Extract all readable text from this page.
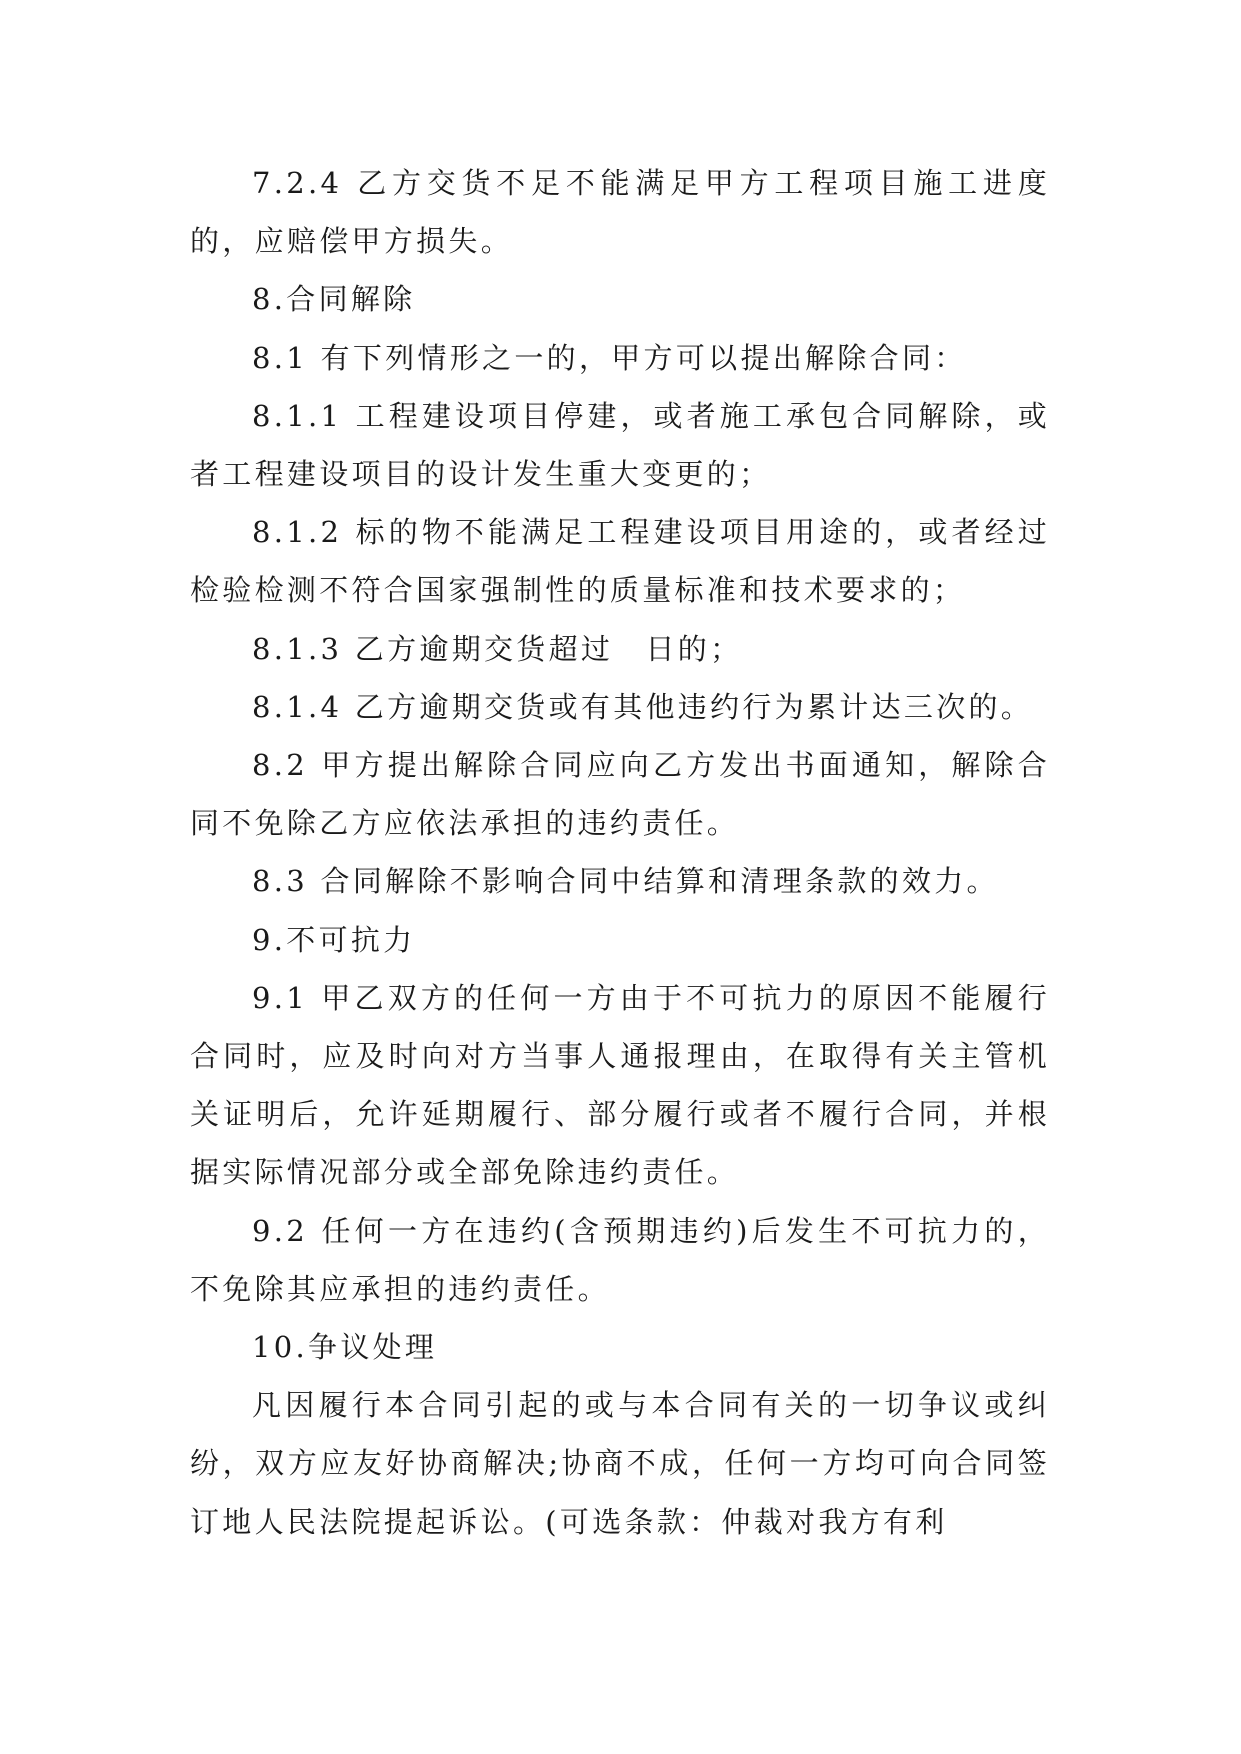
7.2.4 乙方交货不足不能满足甲方工程项目施工进度的，应赔偿甲方损失。

8.合同解除

8.1 有下列情形之一的，甲方可以提出解除合同：

8.1.1 工程建设项目停建，或者施工承包合同解除，或者工程建设项目的设计发生重大变更的；

8.1.2 标的物不能满足工程建设项目用途的，或者经过检验检测不符合国家强制性的质量标准和技术要求的；

8.1.3 乙方逾期交货超过　日的；

8.1.4 乙方逾期交货或有其他违约行为累计达三次的。

8.2 甲方提出解除合同应向乙方发出书面通知，解除合同不免除乙方应依法承担的违约责任。

8.3 合同解除不影响合同中结算和清理条款的效力。

9.不可抗力

9.1 甲乙双方的任何一方由于不可抗力的原因不能履行合同时，应及时向对方当事人通报理由，在取得有关主管机关证明后，允许延期履行、部分履行或者不履行合同，并根据实际情况部分或全部免除违约责任。

9.2 任何一方在违约(含预期违约)后发生不可抗力的，不免除其应承担的违约责任。

10.争议处理

凡因履行本合同引起的或与本合同有关的一切争议或纠纷，双方应友好协商解决;协商不成，任何一方均可向合同签订地人民法院提起诉讼。(可选条款：仲裁对我方有利
